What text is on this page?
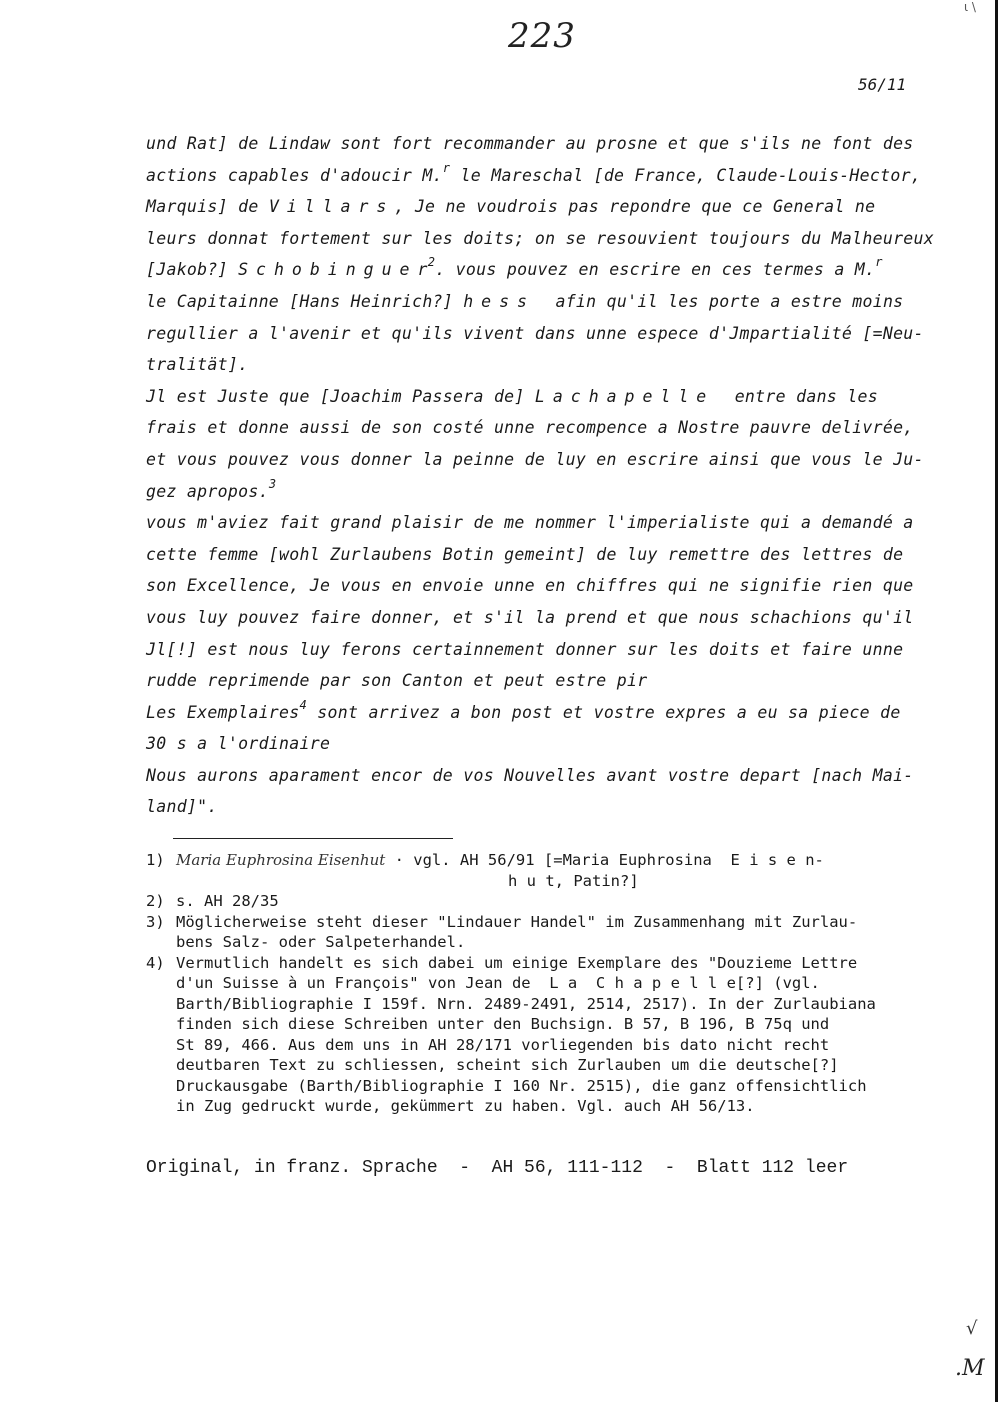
ι \
223
56/11
und Rat] de Lindaw sont fort recommander au prosne et que s'ils ne font des
actions capables d'adoucir M.$^r$ le Mareschal [de France, Claude-Louis-Hector,
Marquis] de Villars, Je ne voudrois pas repondre que ce General ne
leurs donnat fortement sur les doits; on se resouvient toujours du Malheureux
[Jakob?] Schobinguer$^2$. vous pouvez en escrire en ces termes a M.$^r$
le Capitainne [Hans Heinrich?] hess  afin qu'il les porte a estre moins
regullier a l'avenir et qu'ils vivent dans unne espece d'Jmpartialité [=Neu-
tralität].
Jl est Juste que [Joachim Passera de] Lachapelle  entre dans les
frais et donne aussi de son costé unne recompence a Nostre pauvre delivrée,
et vous pouvez vous donner la peinne de luy en escrire ainsi que vous le Ju-
gez apropos.$^3$
vous m'aviez fait grand plaisir de me nommer l'imperialiste qui a demandé a
cette femme [wohl Zurlaubens Botin gemeint] de luy remettre des lettres de
son Excellence, Je vous en envoie unne en chiffres qui ne signifie rien que
vous luy pouvez faire donner, et s'il la prend et que nous schachions qu'il
Jl[!] est nous luy ferons certainnement donner sur les doits et faire unne
rudde reprimende par son Canton et peut estre pir
Les Exemplaires$^4$ sont arrivez a bon post et vostre expres a eu sa piece de
30 s a l'ordinaire
Nous aurons aparament encor de vos Nouvelles avant vostre depart [nach Mai-
land]".
1) Maria Euphrosina Eisenhut · vgl. AH 56/91 [=Maria Euphrosina  E i s e n-
h u t, Patin?]
2) s. AH 28/35
3) Möglicherweise steht dieser "Lindauer Handel" im Zusammenhang mit Zurlau-
bens Salz- oder Salpeterhandel.
4) Vermutlich handelt es sich dabei um einige Exemplare des "Douzieme Lettre
d'un Suisse à un François" von Jean de  L a  C h a p e l l e[?] (vgl.
Barth/Bibliographie I 159f. Nrn. 2489-2491, 2514, 2517). In der Zurlaubiana
finden sich diese Schreiben unter den Buchsign. B 57, B 196, B 75q und
St 89, 466. Aus dem uns in AH 28/171 vorliegenden bis dato nicht recht
deutbaren Text zu schliessen, scheint sich Zurlauben um die deutsche[?]
Druckausgabe (Barth/Bibliographie I 160 Nr. 2515), die ganz offensichtlich
in Zug gedruckt wurde, gekümmert zu haben. Vgl. auch AH 56/13.
Original, in franz. Sprache  -  AH 56, 111-112  -  Blatt 112 leer
√
.M
